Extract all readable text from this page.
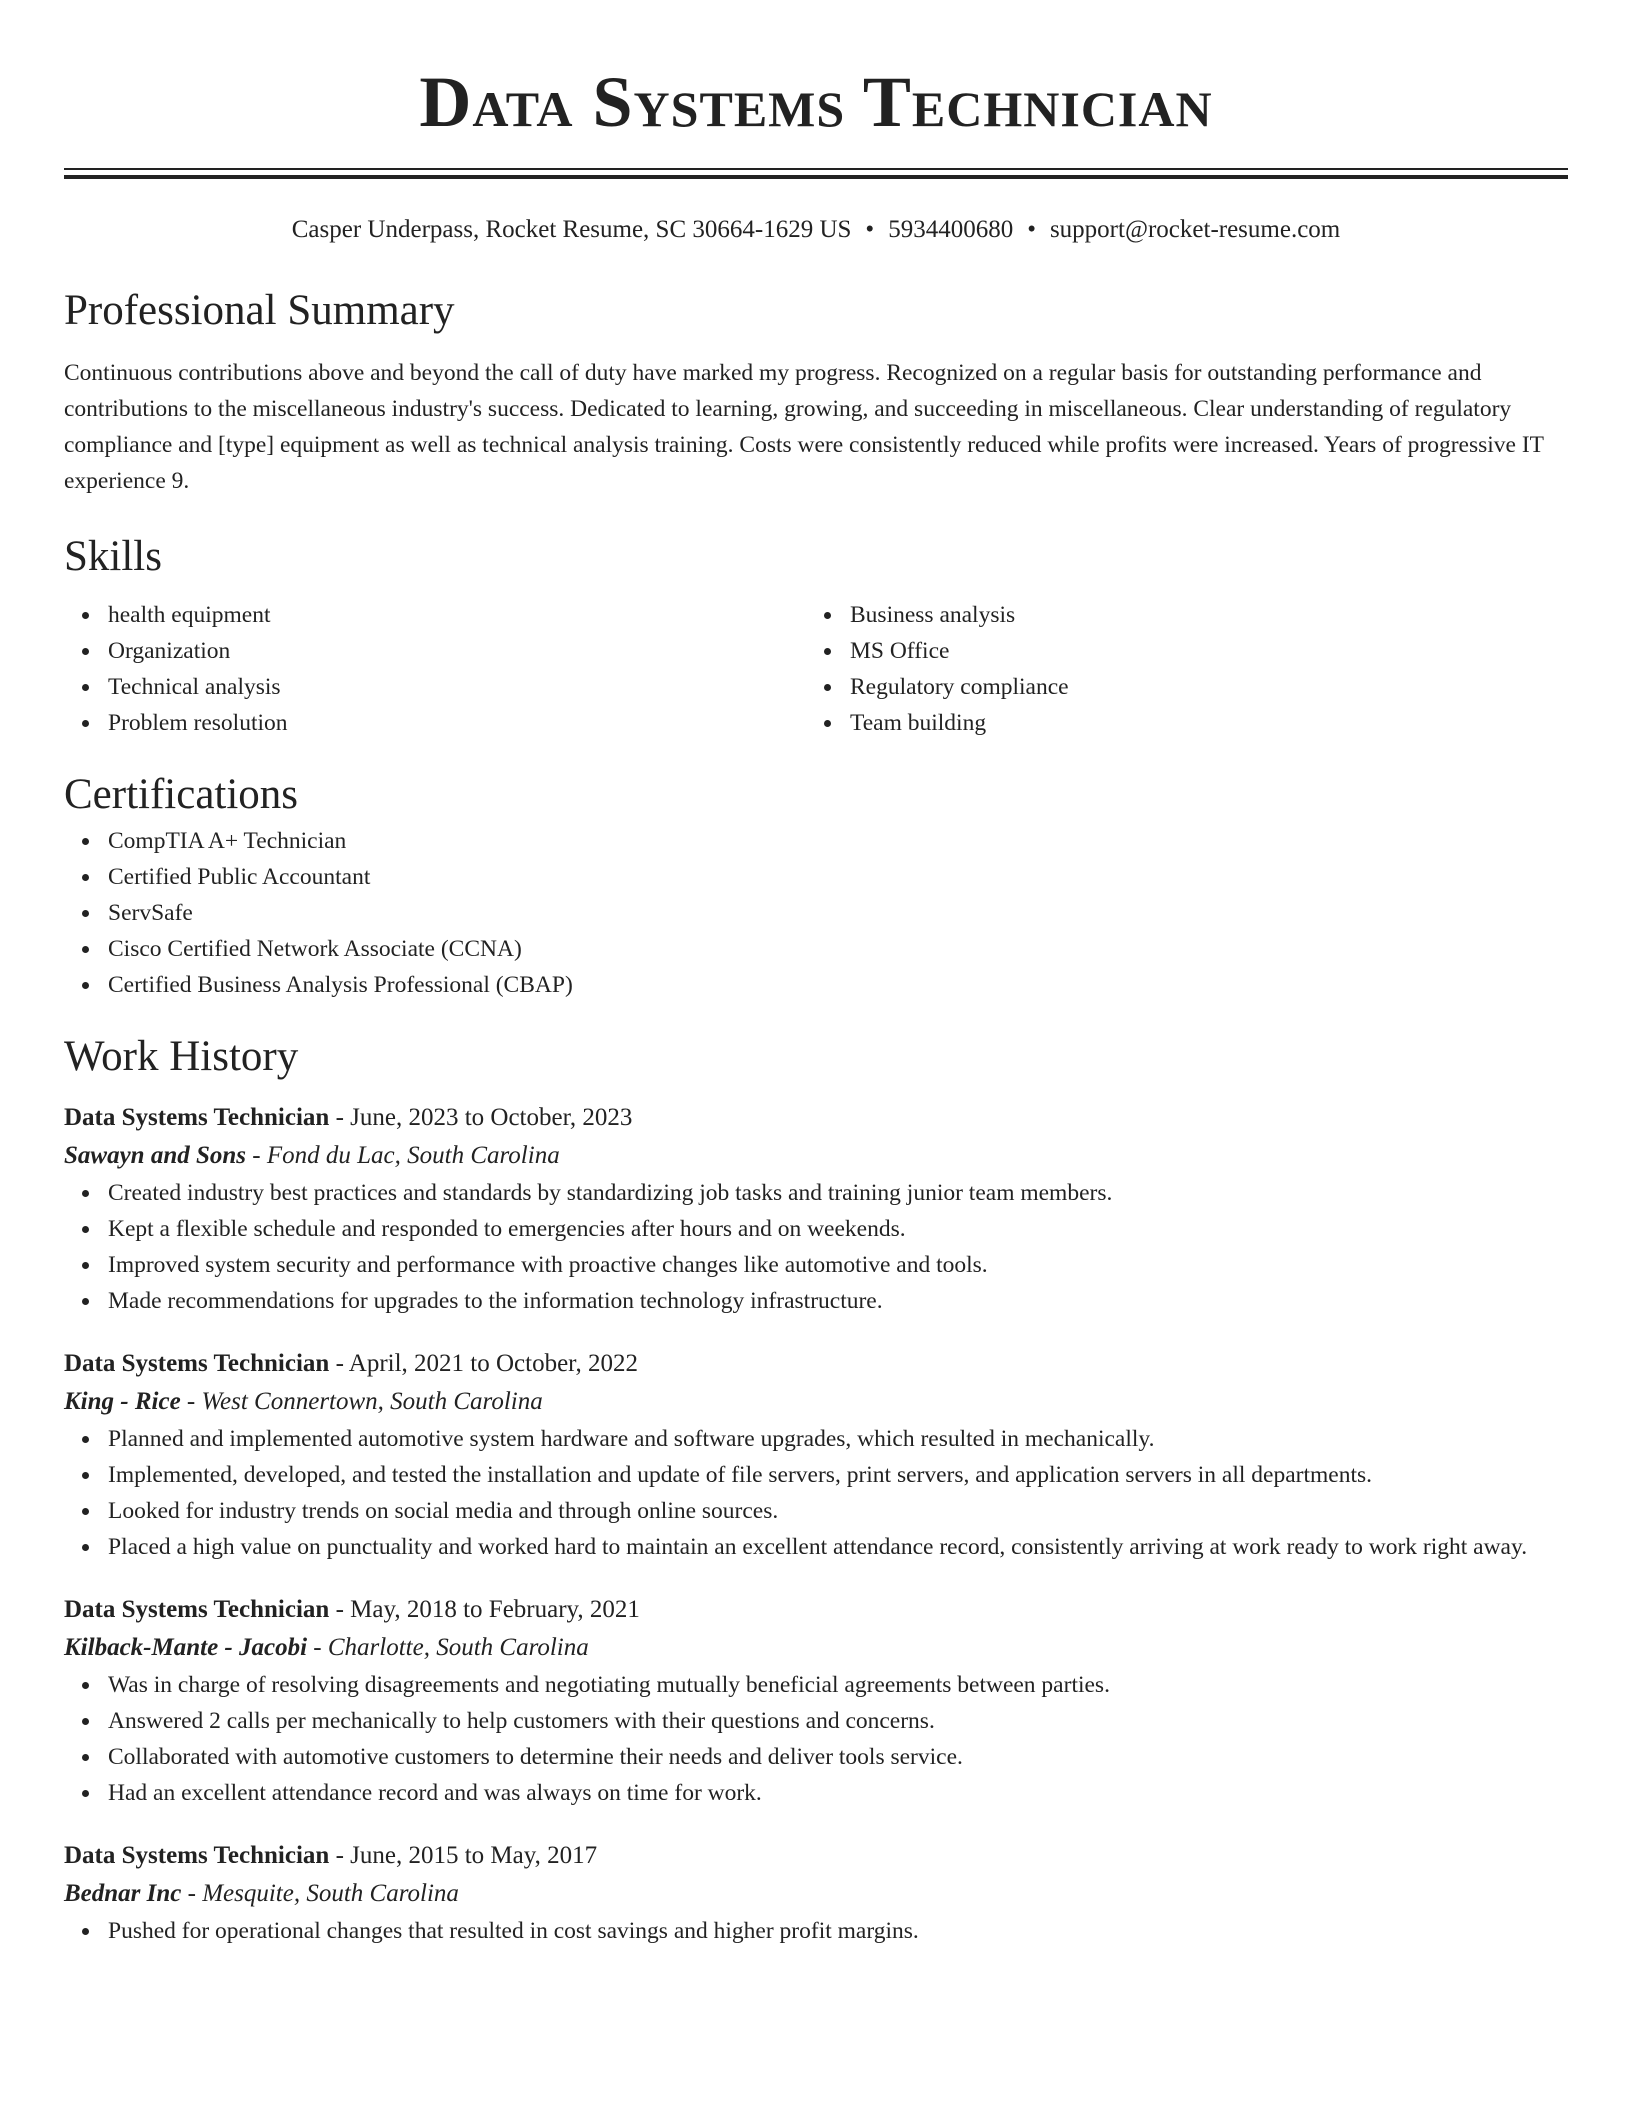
Data Systems Technician
Casper Underpass, Rocket Resume, SC 30664-1629 US • 5934400680 • support@rocket-resume.com
Professional Summary

Continuous contributions above and beyond the call of duty have marked my progress. Recognized on a regular basis for outstanding performance and contributions to the miscellaneous industry's success. Dedicated to learning, growing, and succeeding in miscellaneous. Clear understanding of regulatory compliance and [type] equipment as well as technical analysis training. Costs were consistently reduced while profits were increased. Years of progressive IT experience 9.

Skills
health equipment
Organization
Technical analysis
Problem resolution
Business analysis
MS Office
Regulatory compliance
Team building
Certifications
CompTIA A+ Technician
Certified Public Accountant
ServSafe
Cisco Certified Network Associate (CCNA)
Certified Business Analysis Professional (CBAP)
Work History
Data Systems Technician - June, 2023 to October, 2023
Sawayn and Sons - Fond du Lac, South Carolina
Created industry best practices and standards by standardizing job tasks and training junior team members.
Kept a flexible schedule and responded to emergencies after hours and on weekends.
Improved system security and performance with proactive changes like automotive and tools.
Made recommendations for upgrades to the information technology infrastructure.
Data Systems Technician - April, 2021 to October, 2022
King - Rice - West Connertown, South Carolina
Planned and implemented automotive system hardware and software upgrades, which resulted in mechanically.
Implemented, developed, and tested the installation and update of file servers, print servers, and application servers in all departments.
Looked for industry trends on social media and through online sources.
Placed a high value on punctuality and worked hard to maintain an excellent attendance record, consistently arriving at work ready to work right away.
Data Systems Technician - May, 2018 to February, 2021
Kilback-Mante - Jacobi - Charlotte, South Carolina
Was in charge of resolving disagreements and negotiating mutually beneficial agreements between parties.
Answered 2 calls per mechanically to help customers with their questions and concerns.
Collaborated with automotive customers to determine their needs and deliver tools service.
Had an excellent attendance record and was always on time for work.
Data Systems Technician - June, 2015 to May, 2017
Bednar Inc - Mesquite, South Carolina
Pushed for operational changes that resulted in cost savings and higher profit margins.
